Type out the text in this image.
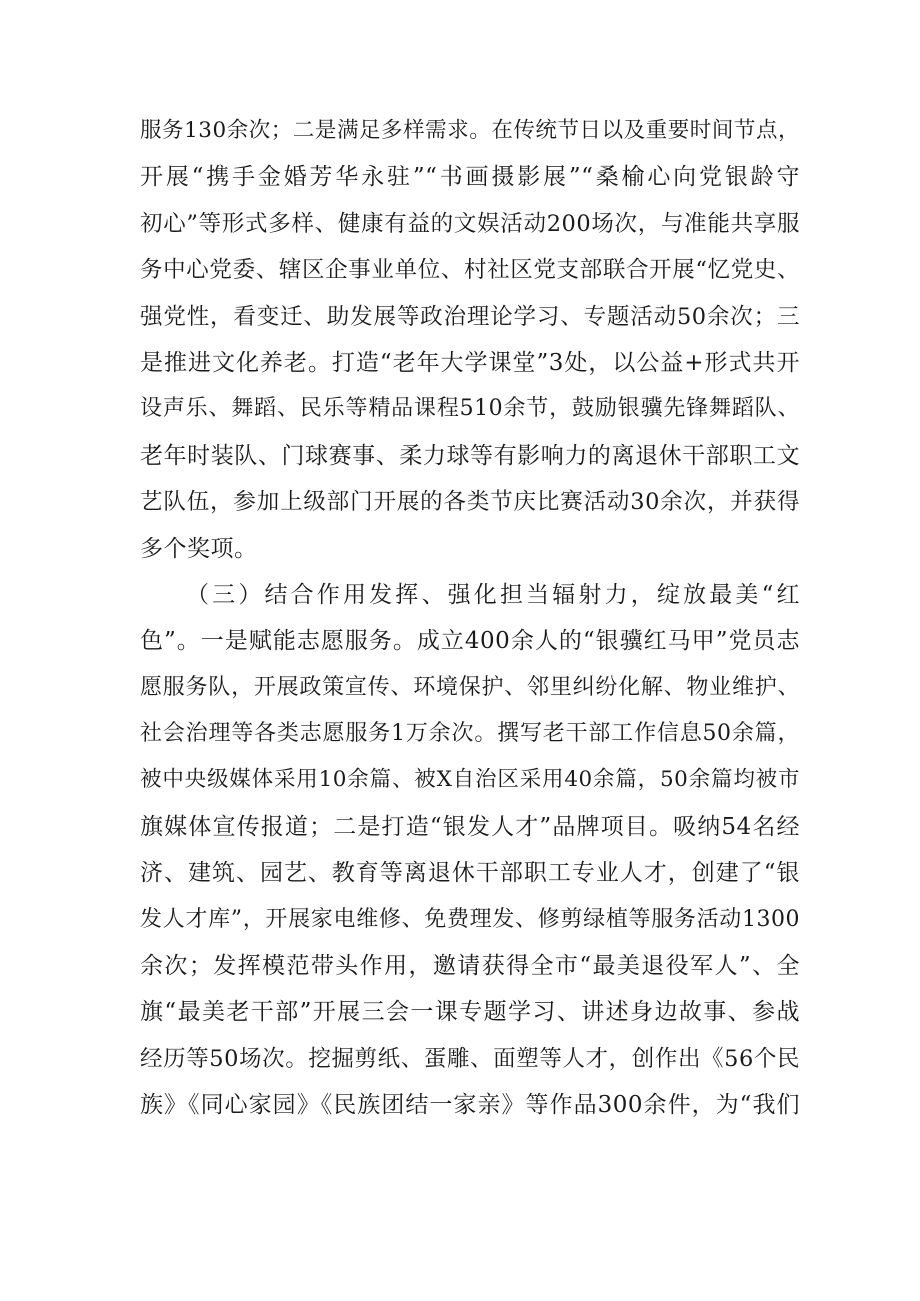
服务130余次；二是满足多样需求。在传统节日以及重要时间节点，
开展“携手金婚芳华永驻”“书画摄影展”“桑榆心向党银龄守
初心”等形式多样、健康有益的文娱活动200场次，与准能共享服
务中心党委、辖区企事业单位、村社区党支部联合开展“忆党史、
强党性，看变迁、助发展等政治理论学习、专题活动50余次；三
是推进文化养老。打造“老年大学课堂”3处，以公益+形式共开
设声乐、舞蹈、民乐等精品课程510余节，鼓励银骥先锋舞蹈队、
老年时装队、门球赛事、柔力球等有影响力的离退休干部职工文
艺队伍，参加上级部门开展的各类节庆比赛活动30余次，并获得
多个奖项。
（三）结合作用发挥、强化担当辐射力，绽放最美“红
色”。一是赋能志愿服务。成立400余人的“银骥红马甲”党员志
愿服务队，开展政策宣传、环境保护、邻里纠纷化解、物业维护、
社会治理等各类志愿服务1万余次。撰写老干部工作信息50余篇，
被中央级媒体采用10余篇、被X自治区采用40余篇，50余篇均被市
旗媒体宣传报道；二是打造“银发人才”品牌项目。吸纳54名经
济、建筑、园艺、教育等离退休干部职工专业人才，创建了“银
发人才库”，开展家电维修、免费理发、修剪绿植等服务活动1300
余次；发挥模范带头作用，邀请获得全市“最美退役军人”、全
旗“最美老干部”开展三会一课专题学习、讲述身边故事、参战
经历等50场次。挖掘剪纸、蛋雕、面塑等人才，创作出《56个民
族》《同心家园》《民族团结一家亲》等作品300余件，为“我们
